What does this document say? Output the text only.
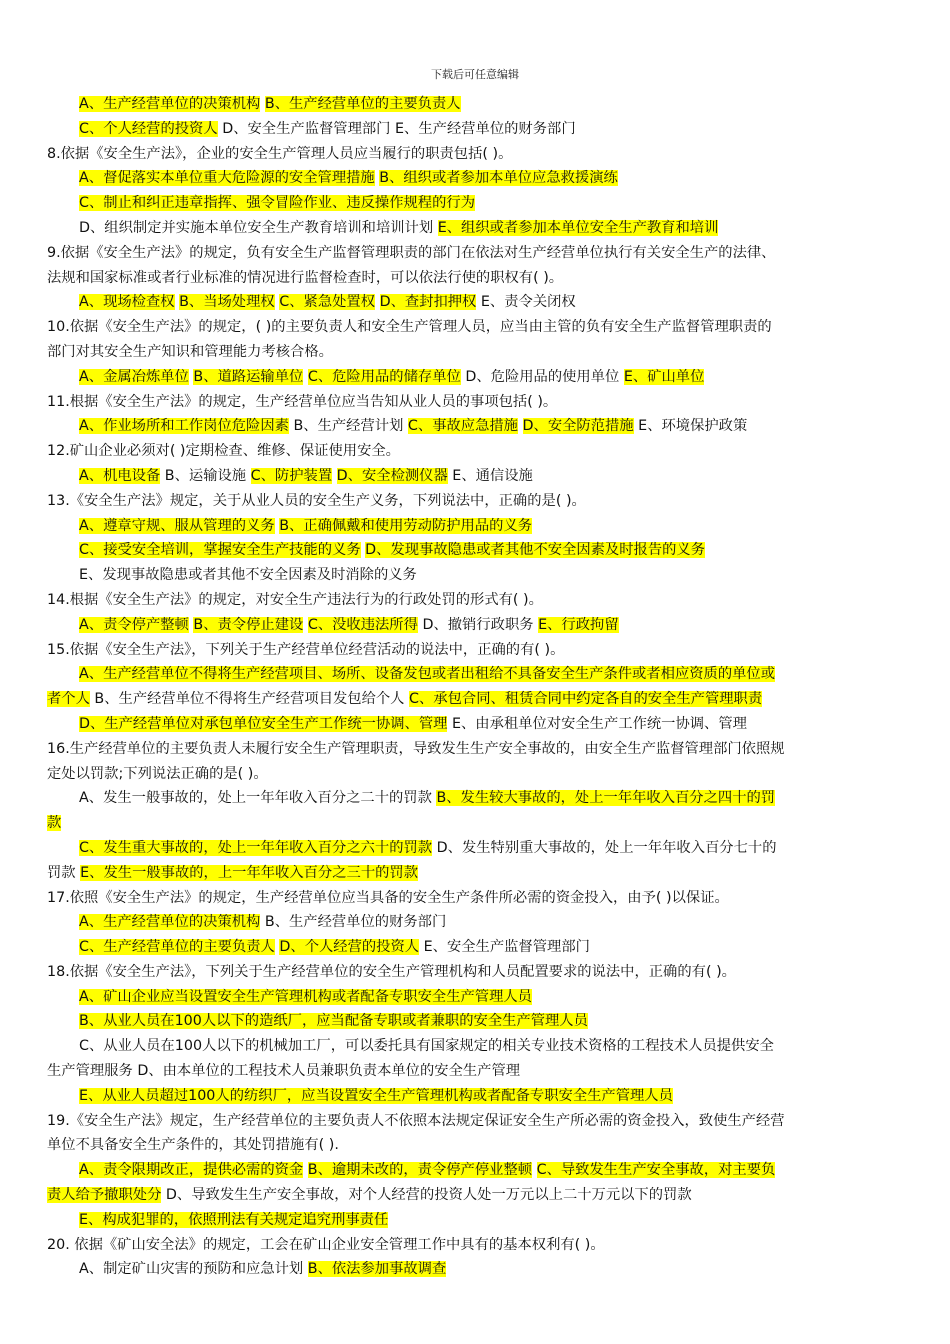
下载后可任意编辑
A、生产经营单位的决策机构 B、生产经营单位的主要负责人
C、个人经营的投资人 D、安全生产监督管理部门 E、生产经营单位的财务部门
8.依据《安全生产法》，企业的安全生产管理人员应当履行的职责包括( )。
A、督促落实本单位重大危险源的安全管理措施 B、组织或者参加本单位应急救援演练
C、制止和纠正违章指挥、强令冒险作业、违反操作规程的行为
D、组织制定并实施本单位安全生产教育培训和培训计划 E、组织或者参加本单位安全生产教育和培训
9.依据《安全生产法》的规定，负有安全生产监督管理职责的部门在依法对生产经营单位执行有关安全生产的法律、
法规和国家标准或者行业标准的情况进行监督检查时，可以依法行使的职权有( )。
A、现场检查权 B、当场处理权 C、紧急处置权 D、查封扣押权 E、责令关闭权
10.依据《安全生产法》的规定，( )的主要负责人和安全生产管理人员，应当由主管的负有安全生产监督管理职责的
部门对其安全生产知识和管理能力考核合格。
A、金属冶炼单位 B、道路运输单位 C、危险用品的储存单位 D、危险用品的使用单位 E、矿山单位
11.根据《安全生产法》的规定，生产经营单位应当告知从业人员的事项包括( )。
A、作业场所和工作岗位危险因素 B、生产经营计划 C、事故应急措施 D、安全防范措施 E、环境保护政策
12.矿山企业必须对( )定期检查、维修、保证使用安全。
A、机电设备 B、运输设施 C、防护装置 D、安全检测仪器 E、通信设施
13.《安全生产法》规定，关于从业人员的安全生产义务，下列说法中，正确的是( )。
A、遵章守规、服从管理的义务 B、正确佩戴和使用劳动防护用品的义务
C、接受安全培训，掌握安全生产技能的义务 D、发现事故隐患或者其他不安全因素及时报告的义务
E、发现事故隐患或者其他不安全因素及时消除的义务
14.根据《安全生产法》的规定，对安全生产违法行为的行政处罚的形式有( )。
A、责令停产整顿 B、责令停止建设 C、没收违法所得 D、撤销行政职务 E、行政拘留
15.依据《安全生产法》，下列关于生产经营单位经营活动的说法中，正确的有( )。
A、生产经营单位不得将生产经营项目、场所、设备发包或者出租给不具备安全生产条件或者相应资质的单位或
者个人 B、生产经营单位不得将生产经营项目发包给个人 C、承包合同、租赁合同中约定各自的安全生产管理职责
D、生产经营单位对承包单位安全生产工作统一协调、管理 E、由承租单位对安全生产工作统一协调、管理
16.生产经营单位的主要负责人未履行安全生产管理职责，导致发生生产安全事故的，由安全生产监督管理部门依照规
定处以罚款;下列说法正确的是( )。
A、发生一般事故的，处上一年年收入百分之二十的罚款 B、发生较大事故的，处上一年年收入百分之四十的罚
款
C、发生重大事故的，处上一年年收入百分之六十的罚款 D、发生特别重大事故的，处上一年年收入百分七十的
罚款 E、发生一般事故的，上一年年收入百分之三十的罚款
17.依照《安全生产法》的规定，生产经营单位应当具备的安全生产条件所必需的资金投入，由予( )以保证。
A、生产经营单位的决策机构 B、生产经营单位的财务部门
C、生产经营单位的主要负责人 D、个人经营的投资人 E、安全生产监督管理部门
18.依据《安全生产法》，下列关于生产经营单位的安全生产管理机构和人员配置要求的说法中，正确的有( )。
A、矿山企业应当设置安全生产管理机构或者配备专职安全生产管理人员
B、从业人员在100人以下的造纸厂，应当配备专职或者兼职的安全生产管理人员
C、从业人员在100人以下的机械加工厂，可以委托具有国家规定的相关专业技术资格的工程技术人员提供安全
生产管理服务 D、由本单位的工程技术人员兼职负责本单位的安全生产管理
E、从业人员超过100人的纺织厂，应当设置安全生产管理机构或者配备专职安全生产管理人员
19.《安全生产法》规定，生产经营单位的主要负责人不依照本法规定保证安全生产所必需的资金投入，致使生产经营
单位不具备安全生产条件的，其处罚措施有( ).
A、责令限期改正，提供必需的资金 B、逾期未改的，责令停产停业整顿 C、导致发生生产安全事故，对主要负
责人给予撤职处分 D、导致发生生产安全事故，对个人经营的投资人处一万元以上二十万元以下的罚款
E、构成犯罪的，依照刑法有关规定追究刑事责任
20. 依据《矿山安全法》的规定，工会在矿山企业安全管理工作中具有的基本权利有( )。
A、制定矿山灾害的预防和应急计划 B、依法参加事故调查
